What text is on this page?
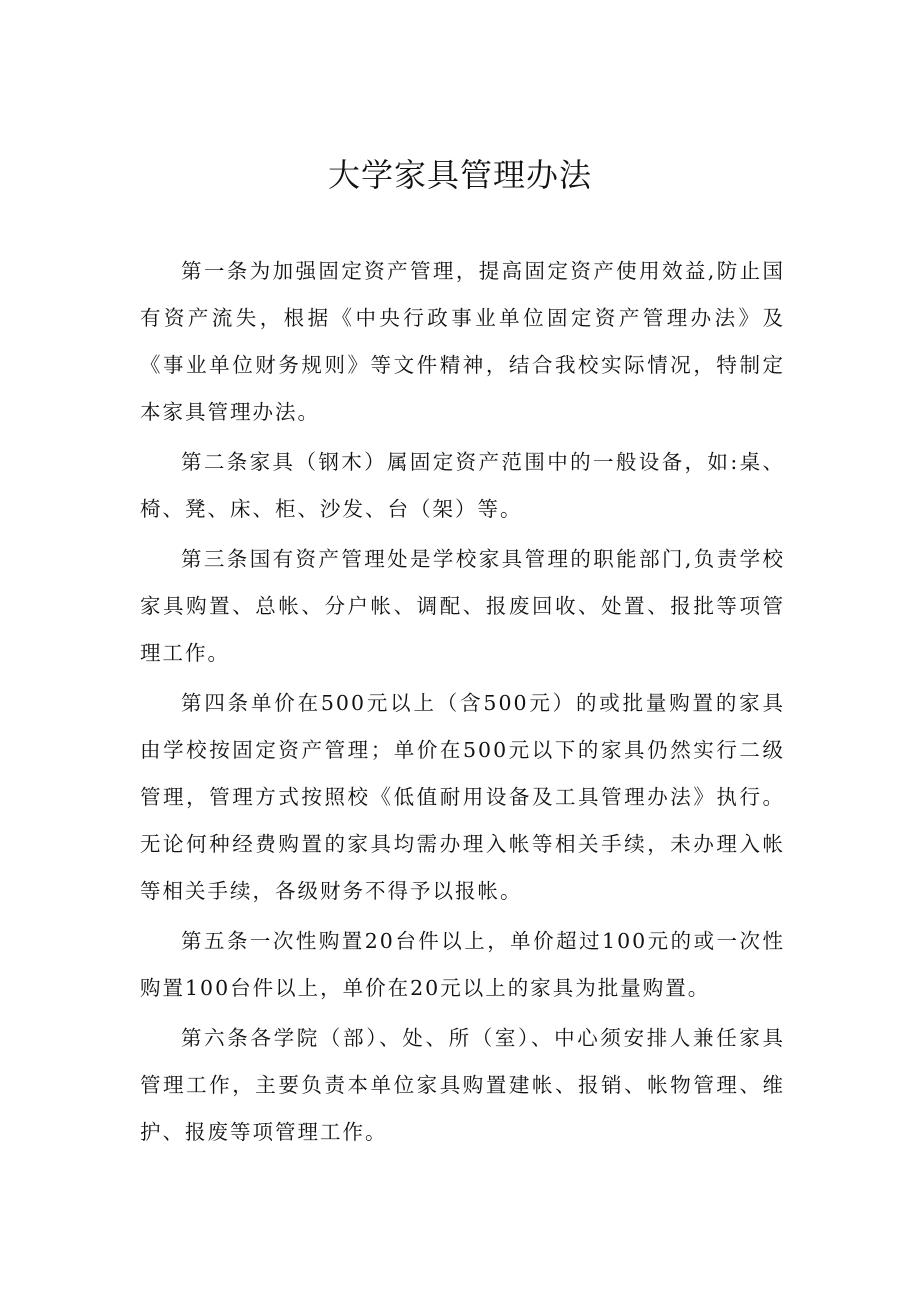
大学家具管理办法

第一条为加强固定资产管理，提高固定资产使用效益,防止国有资产流失，根据《中央行政事业单位固定资产管理办法》及《事业单位财务规则》等文件精神，结合我校实际情况，特制定本家具管理办法。

第二条家具（钢木）属固定资产范围中的一般设备，如:桌、椅、凳、床、柜、沙发、台（架）等。

第三条国有资产管理处是学校家具管理的职能部门,负责学校家具购置、总帐、分户帐、调配、报废回收、处置、报批等项管理工作。

第四条单价在500元以上（含500元）的或批量购置的家具由学校按固定资产管理；单价在500元以下的家具仍然实行二级管理，管理方式按照校《低值耐用设备及工具管理办法》执行。无论何种经费购置的家具均需办理入帐等相关手续，未办理入帐等相关手续，各级财务不得予以报帐。

第五条一次性购置20台件以上，单价超过100元的或一次性购置100台件以上，单价在20元以上的家具为批量购置。

第六条各学院（部）、处、所（室）、中心须安排人兼任家具管理工作，主要负责本单位家具购置建帐、报销、帐物管理、维护、报废等项管理工作。
